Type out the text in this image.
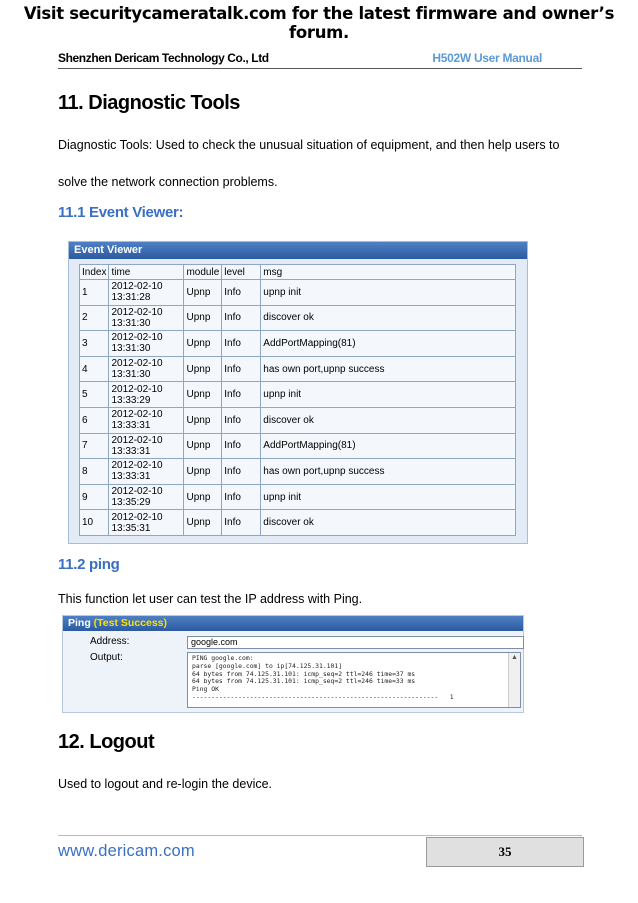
Visit securitycameratalk.com for the latest firmware and owner’s forum.
Shenzhen Dericam Technology Co., Ltd	H502W User Manual
11. Diagnostic Tools
Diagnostic Tools: Used to check the unusual situation of equipment, and then help users to
solve the network connection problems.
11.1 Event Viewer:
Event Viewer
Index	time	module	level	msg
1	2012-02-10
13:31:28	Upnp	Info	upnp init
2	2012-02-10
13:31:30	Upnp	Info	discover ok
3	2012-02-10
13:31:30	Upnp	Info	AddPortMapping(81)
4	2012-02-10
13:31:30	Upnp	Info	has own port,upnp success
5	2012-02-10
13:33:29	Upnp	Info	upnp init
6	2012-02-10
13:33:31	Upnp	Info	discover ok
7	2012-02-10
13:33:31	Upnp	Info	AddPortMapping(81)
8	2012-02-10
13:33:31	Upnp	Info	has own port,upnp success
9	2012-02-10
13:35:29	Upnp	Info	upnp init
10	2012-02-10
13:35:31	Upnp	Info	discover ok
11.2 ping
This function let user can test the IP address with Ping.
Ping (Test Success)
Address:	google.com
Output:	PING google.com:
parse [google.com] to ip[74.125.31.101]
64 bytes from 74.125.31.101: icmp_seq=2 ttl=246 time=37 ms
64 bytes from 74.125.31.101: icmp_seq=2 ttl=246 time=33 ms
Ping OK
----------------------------------------------------------------   1
▲
12. Logout
Used to logout and re-login the device.
www.dericam.com	35
